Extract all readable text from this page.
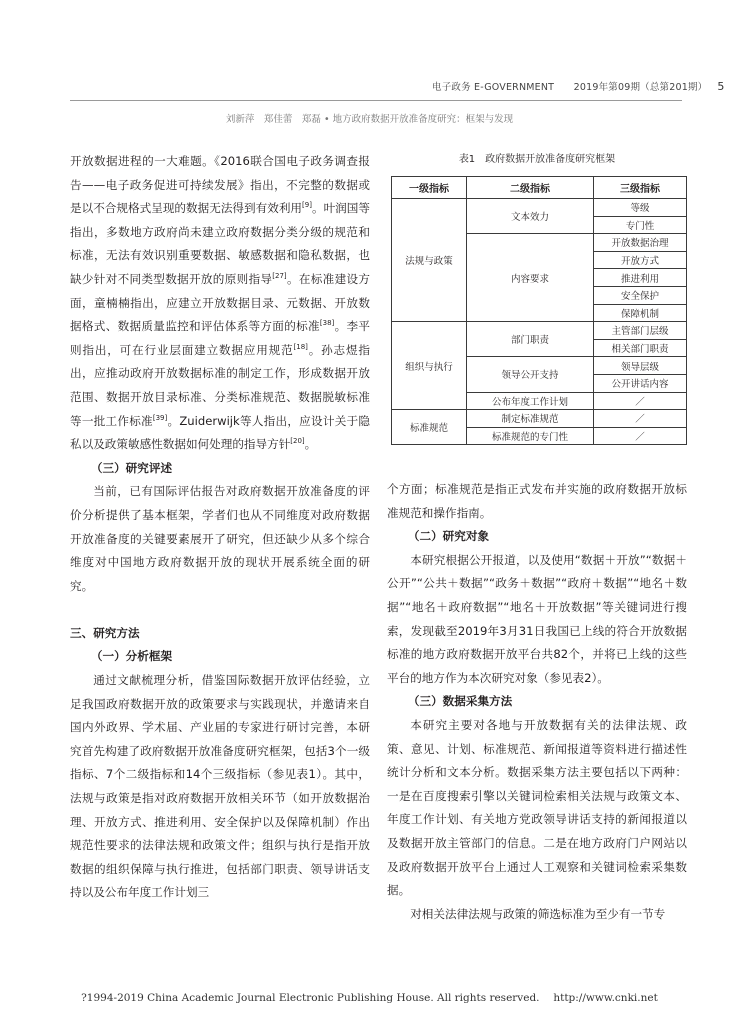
电子政务 E-GOVERNMENT　　2019年第09期（总第201期） 5
刘新萍　郑佳蕾　郑磊 • 地方政府数据开放准备度研究：框架与发现

开放数据进程的一大难题。《2016联合国电子政务调查报告——电子政务促进可持续发展》指出，不完整的数据或是以不合规格式呈现的数据无法得到有效利用[9]。叶润国等指出，多数地方政府尚未建立政府数据分类分级的规范和标准，无法有效识别重要数据、敏感数据和隐私数据，也缺少针对不同类型数据开放的原则指导[27]。在标准建设方面，童楠楠指出，应建立开放数据目录、元数据、开放数据格式、数据质量监控和评估体系等方面的标准[38]。李平则指出，可在行业层面建立数据应用规范[18]。孙志煜指出，应推动政府开放数据标准的制定工作，形成数据开放范围、数据开放目录标准、分类标准规范、数据脱敏标准等一批工作标准[39]。Zuiderwijk等人指出，应设计关于隐私以及政策敏感性数据如何处理的指导方针[20]。

（三）研究评述

当前，已有国际评估报告对政府数据开放准备度的评价分析提供了基本框架，学者们也从不同维度对政府数据开放准备度的关键要素展开了研究，但还缺少从多个综合维度对中国地方政府数据开放的现状开展系统全面的研究。

三、研究方法
（一）分析框架

通过文献梳理分析，借鉴国际数据开放评估经验，立足我国政府数据开放的政策要求与实践现状，并邀请来自国内外政界、学术届、产业届的专家进行研讨完善，本研究首先构建了政府数据开放准备度研究框架，包括3个一级指标、7个二级指标和14个三级指标（参见表1）。其中，法规与政策是指对政府数据开放相关环节（如开放数据治理、开放方式、推进利用、安全保护以及保障机制）作出规范性要求的法律法规和政策文件；组织与执行是指开放数据的组织保障与执行推进，包括部门职责、领导讲话支持以及公布年度工作计划三

表1　政府数据开放准备度研究框架
一级指标	二级指标	三级指标
法规与政策	文本效力	等级
		专门性
	内容要求	开放数据治理
		开放方式
		推进利用
		安全保护
		保障机制
组织与执行	部门职责	主管部门层级
		相关部门职责
	领导公开支持	领导层级
		公开讲话内容
	公布年度工作计划	／
标准规范	制定标准规范	／
	标准规范的专门性	／

个方面；标准规范是指正式发布并实施的政府数据开放标准规范和操作指南。

（二）研究对象

本研究根据公开报道，以及使用“数据＋开放”“数据＋公开”“公共＋数据”“政务＋数据”“政府＋数据”“地名＋数据”“地名＋政府数据”“地名＋开放数据”等关键词进行搜索，发现截至2019年3月31日我国已上线的符合开放数据标准的地方政府数据开放平台共82个，并将已上线的这些平台的地方作为本次研究对象（参见表2）。

（三）数据采集方法

本研究主要对各地与开放数据有关的法律法规、政策、意见、计划、标准规范、新闻报道等资料进行描述性统计分析和文本分析。数据采集方法主要包括以下两种：一是在百度搜索引擎以关键词检索相关法规与政策文本、年度工作计划、有关地方党政领导讲话支持的新闻报道以及数据开放主管部门的信息。二是在地方政府门户网站以及政府数据开放平台上通过人工观察和关键词检索采集数据。

对相关法律法规与政策的筛选标准为至少有一节专

?1994-2019 China Academic Journal Electronic Publishing House. All rights reserved.　 http://www.cnki.net
